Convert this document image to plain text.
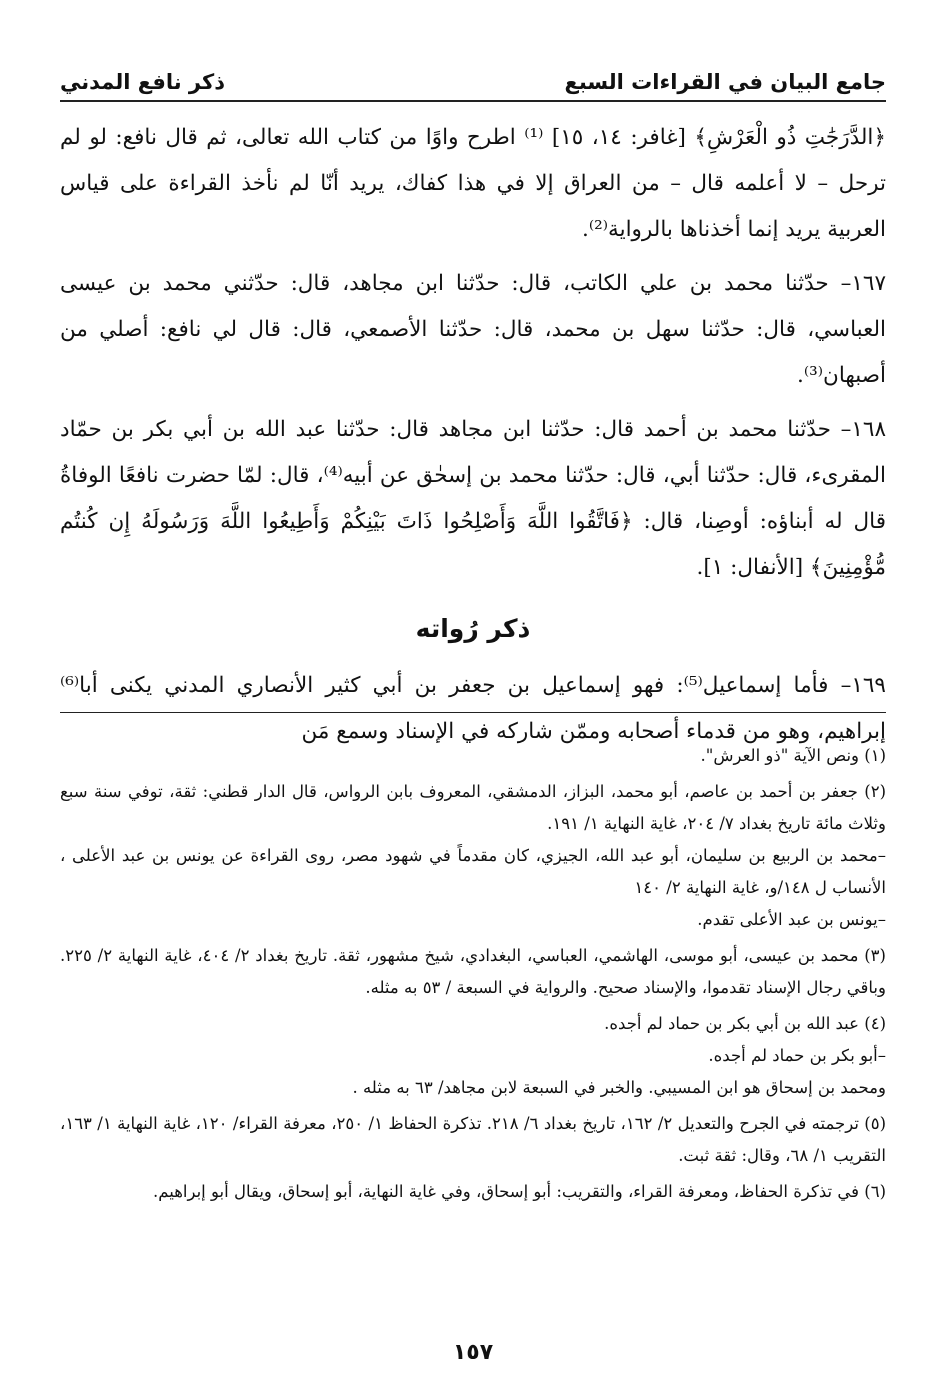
جامع البيان في القراءات السبع
ذكر نافع المدني

﴿الدَّرَجَٰتِ ذُو الْعَرْشِ﴾ [غافر: ١٤، ١٥] ⁽¹⁾ اطرح واوًا من كتاب الله تعالى، ثم قال نافع: لو لم ترحل – لا أعلمه قال – من العراق إلا في هذا كفاك، يريد أنّا لم نأخذ القراءة على قياس العربية يريد إنما أخذناها بالرواية⁽²⁾.

١٦٧– حدّثنا محمد بن علي الكاتب، قال: حدّثنا ابن مجاهد، قال: حدّثني محمد بن عيسى العباسي، قال: حدّثنا سهل بن محمد، قال: حدّثنا الأصمعي، قال: قال لي نافع: أصلي من أصبهان⁽³⁾.

١٦٨– حدّثنا محمد بن أحمد قال: حدّثنا ابن مجاهد قال: حدّثنا عبد الله بن أبي بكر بن حمّاد المقرىء، قال: حدّثنا أبي، قال: حدّثنا محمد بن إسحٰق عن أبيه⁽⁴⁾، قال: لمّا حضرت نافعًا الوفاةُ قال له أبناؤه: أوصِنا، قال: ﴿فَاتَّقُوا اللَّهَ وَأَصْلِحُوا ذَاتَ بَيْنِكُمْ وَأَطِيعُوا اللَّهَ وَرَسُولَهُ إِن كُنتُم مُّؤْمِنِينَ﴾ [الأنفال: ١].

ذكر رُواته

١٦٩– فأما إسماعيل⁽⁵⁾: فهو إسماعيل بن جعفر بن أبي كثير الأنصاري المدني يكنى أبا⁽⁶⁾ إبراهيم، وهو من قدماء أصحابه وممّن شاركه في الإسناد وسمع مَن

(١) ونص الآية "ذو العرش".

(٢) جعفر بن أحمد بن عاصم، أبو محمد، البزاز، الدمشقي، المعروف بابن الرواس، قال الدار قطني: ثقة، توفي سنة سبع وثلاث مائة تاريخ بغداد ٧/ ٢٠٤، غاية النهاية ١/ ١٩١.

–محمد بن الربيع بن سليمان، أبو عبد الله، الجيزي، كان مقدماً في شهود مصر، روى القراءة عن يونس بن عبد الأعلى ، الأنساب ل ١٤٨/و، غاية النهاية ٢/ ١٤٠

–يونس بن عبد الأعلى تقدم.

(٣) محمد بن عيسى، أبو موسى، الهاشمي، العباسي، البغدادي، شيخ مشهور، ثقة. تاريخ بغداد ٢/ ٤٠٤، غاية النهاية ٢/ ٢٢٥. وباقي رجال الإسناد تقدموا، والإسناد صحيح. والرواية في السبعة / ٥٣ به مثله.

(٤) عبد الله بن أبي بكر بن حماد لم أجده.

–أبو بكر بن حماد لم أجده.

ومحمد بن إسحاق هو ابن المسيبي. والخبر في السبعة لابن مجاهد/ ٦٣ به مثله .

(٥) ترجمته في الجرح والتعديل ٢/ ١٦٢، تاريخ بغداد ٦/ ٢١٨. تذكرة الحفاظ ١/ ٢٥٠، معرفة القراء/ ١٢٠، غاية النهاية ١/ ١٦٣، التقريب ١/ ٦٨، وقال: ثقة ثبت.

(٦) في تذكرة الحفاظ، ومعرفة القراء، والتقريب: أبو إسحاق، وفي غاية النهاية، أبو إسحاق، ويقال أبو إبراهيم.

١٥٧
